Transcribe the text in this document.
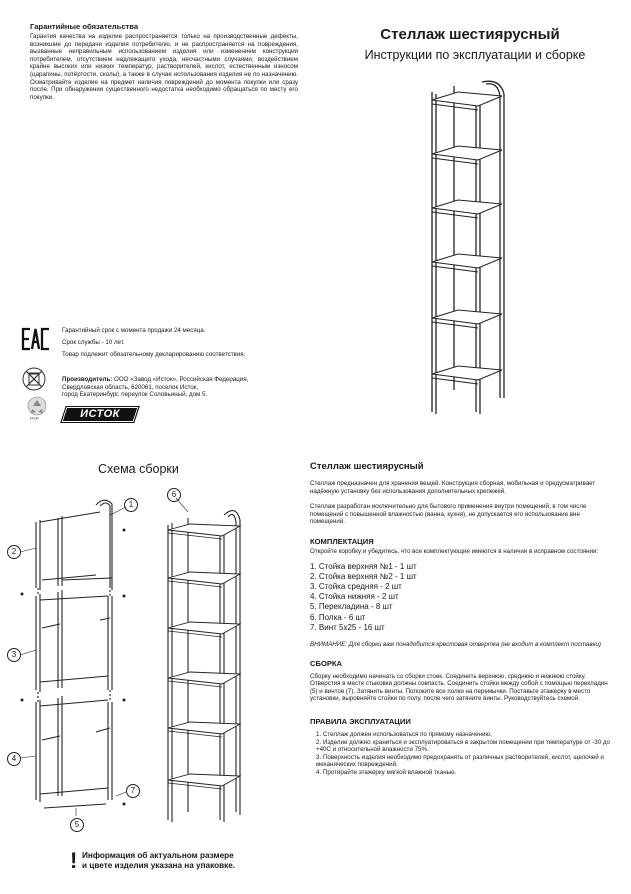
Гарантийные обязательства
Гарантия качества на изделие распространяется только на производственные дефекты, возникшие до передачи изделия потребителю, и не распространяется на повреждения, вызванные неправильным использованием изделия или изменением конструкции потребителем, отсутствием надлежащего ухода, несчастными случаями, воздействием крайне высоких или низких температур, растворителей, кислот, естественным износом (царапины, потёртости, сколы), а также в случае использования изделия не по назначению. Осматривайте изделие на предмет наличия повреждений до момента покупки или сразу после. При обнаружении существенного недостатка необходимо обращаться по месту его покупки.
Гарантийный срок с момента продажи 24 месяца.
Срок службы - 10 лет.
Товар подлежит обязательному декларированию соответствия.
Производитель: ООО «Завод «Исток», Российская Федерация,
Свердловская область, 620061, поселок Исток,
город Екатеринбург, переулок Соловьиный, дом 5.
PAP	ИСТОК
Стеллаж шестиярусный
Инструкции по эксплуатации и сборке
Схема сборки
1
2
3
4
5
6
7
! Информация об актуальном размере
и цвете изделия указана на упаковке.
Стеллаж шестиярусный
Стеллаж предназначен для хранения вещей. Конструкция сборная, мобильная и предусматривает надёжную установку без использования дополнительных крепежей.
Стеллаж разработан исключительно для бытового применения внутри помещений, в том числе помещений с повышенной влажностью (ванна, кухня), не допускается его использование вне помещений.
КОМПЛЕКТАЦИЯ
Откройте коробку и убедитесь, что все комплектующие имеются в наличии в исправном состоянии:
1. Стойка верхняя №1 - 1 шт
2. Стойка верхняя №2 - 1 шт
3. Стойка средняя - 2 шт
4. Стойка нижняя - 2 шт
5. Перекладина - 8 шт
6. Полка - 6 шт
7. Винт 5х25 - 16 шт
ВНИМАНИЕ: Для сборки вам понадобится крестовая отвертка (не входит в комплект поставки)
СБОРКА
Сборку необходимо начинать со сборки стоек. Соединить верхнюю, среднюю и нижнюю стойку. Отверстия в месте стыковки должны совпасть. Соединить стойки между собой с помощью перекладин (5) и винтов (7). Затянить винты. Положите все полки на перемычки. Поставьте этажерку в место установки, выровняйте стойки по полу, после чего затяните винты. Руководствуйтесь схемой.
ПРАВИЛА ЭКСПЛУАТАЦИИ
1. Стеллаж должен использоваться по прямому назначению.
2. Изделие должно храниться и эксплуатироваться в закрытом помещении при температуре от -30 до +40С и относительной влажности 75%.
3. Поверхность изделия необходимо предохранять от различных растворителей, кислот, щелочей и механических повреждений.
4. Протирайте этажерку мягкой влажной тканью.
